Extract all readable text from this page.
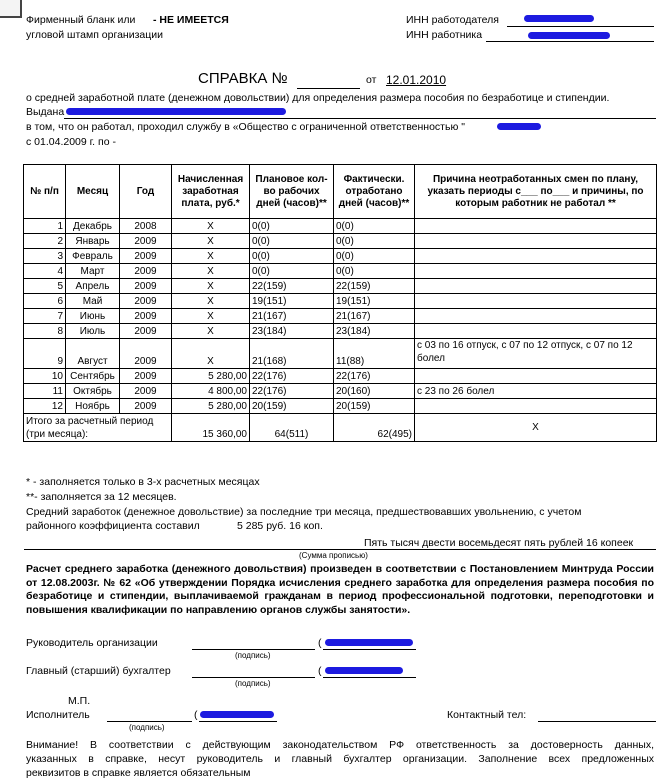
Фирменный бланк или - НЕ ИМЕЕТСЯ
угловой штамп организации
ИНН работодателя
ИНН работника
СПРАВКА №	от 12.01.2010
о средней заработной плате (денежном довольствии) для определения размера пособия по безработице и стипендии.
Выдана
в том, что он работал, проходил службу в «Общество с ограниченной ответственностью "
с 01.04.2009 г. по -
№ п/п	Месяц	Год	Начисленная заработная плата, руб.*	Плановое кол-во рабочих дней (часов)**	Фактически. отработано дней (часов)**	Причина неотработанных смен по плану, указать периоды с___ по___ и причины, по которым работник не работал **
1	Декабрь	2008	Х	0(0)	0(0)	
2	Январь	2009	Х	0(0)	0(0)	
3	Февраль	2009	Х	0(0)	0(0)	
4	Март	2009	Х	0(0)	0(0)	
5	Апрель	2009	Х	22(159)	22(159)	
6	Май	2009	Х	19(151)	19(151)	
7	Июнь	2009	Х	21(167)	21(167)	
8	Июль	2009	Х	23(184)	23(184)	
9	Август	2009	Х	21(168)	11(88)	с 03 по 16 отпуск, с 07 по 12 отпуск, с 07 по 12 болел
10	Сентябрь	2009	5 280,00	22(176)	22(176)	
11	Октябрь	2009	4 800,00	22(176)	20(160)	с 23 по 26 болел
12	Ноябрь	2009	5 280,00	20(159)	20(159)	
Итого за расчетный период (три месяца):			15 360,00	64(511)	62(495)	Х
* - заполняется только в 3-х расчетных месяцах
**- заполняется за 12 месяцев.
Средний заработок (денежное довольствие) за последние три месяца, предшествовавших увольнению, с учетом
районного коэффициента составил	5 285 руб. 16 коп.
Пять тысяч двести восемьдесят пять рублей 16 копеек
(Сумма прописью)
Расчет среднего заработка (денежного довольствия) произведен в соответствии с Постановлением Минтруда России от 12.08.2003г. № 62 «Об утверждении Порядка исчисления среднего заработка для определения размера пособия по безработице и стипендии, выплачиваемой гражданам в период профессиональной подготовки, переподготовки и повышения квалификации по направлению органов службы занятости».
Руководитель организации
(подпись)
(
Главный (старший) бухгалтер
(подпись)
(
М.П.
Исполнитель
(подпись)
(	Контактный тел:
Внимание! В соответствии с действующим законодательством РФ ответственность за достоверность данных,
указанных в справке, несут руководитель и главный бухгалтер организации. Заполнение всех предложенных
реквизитов в справке является обязательным
